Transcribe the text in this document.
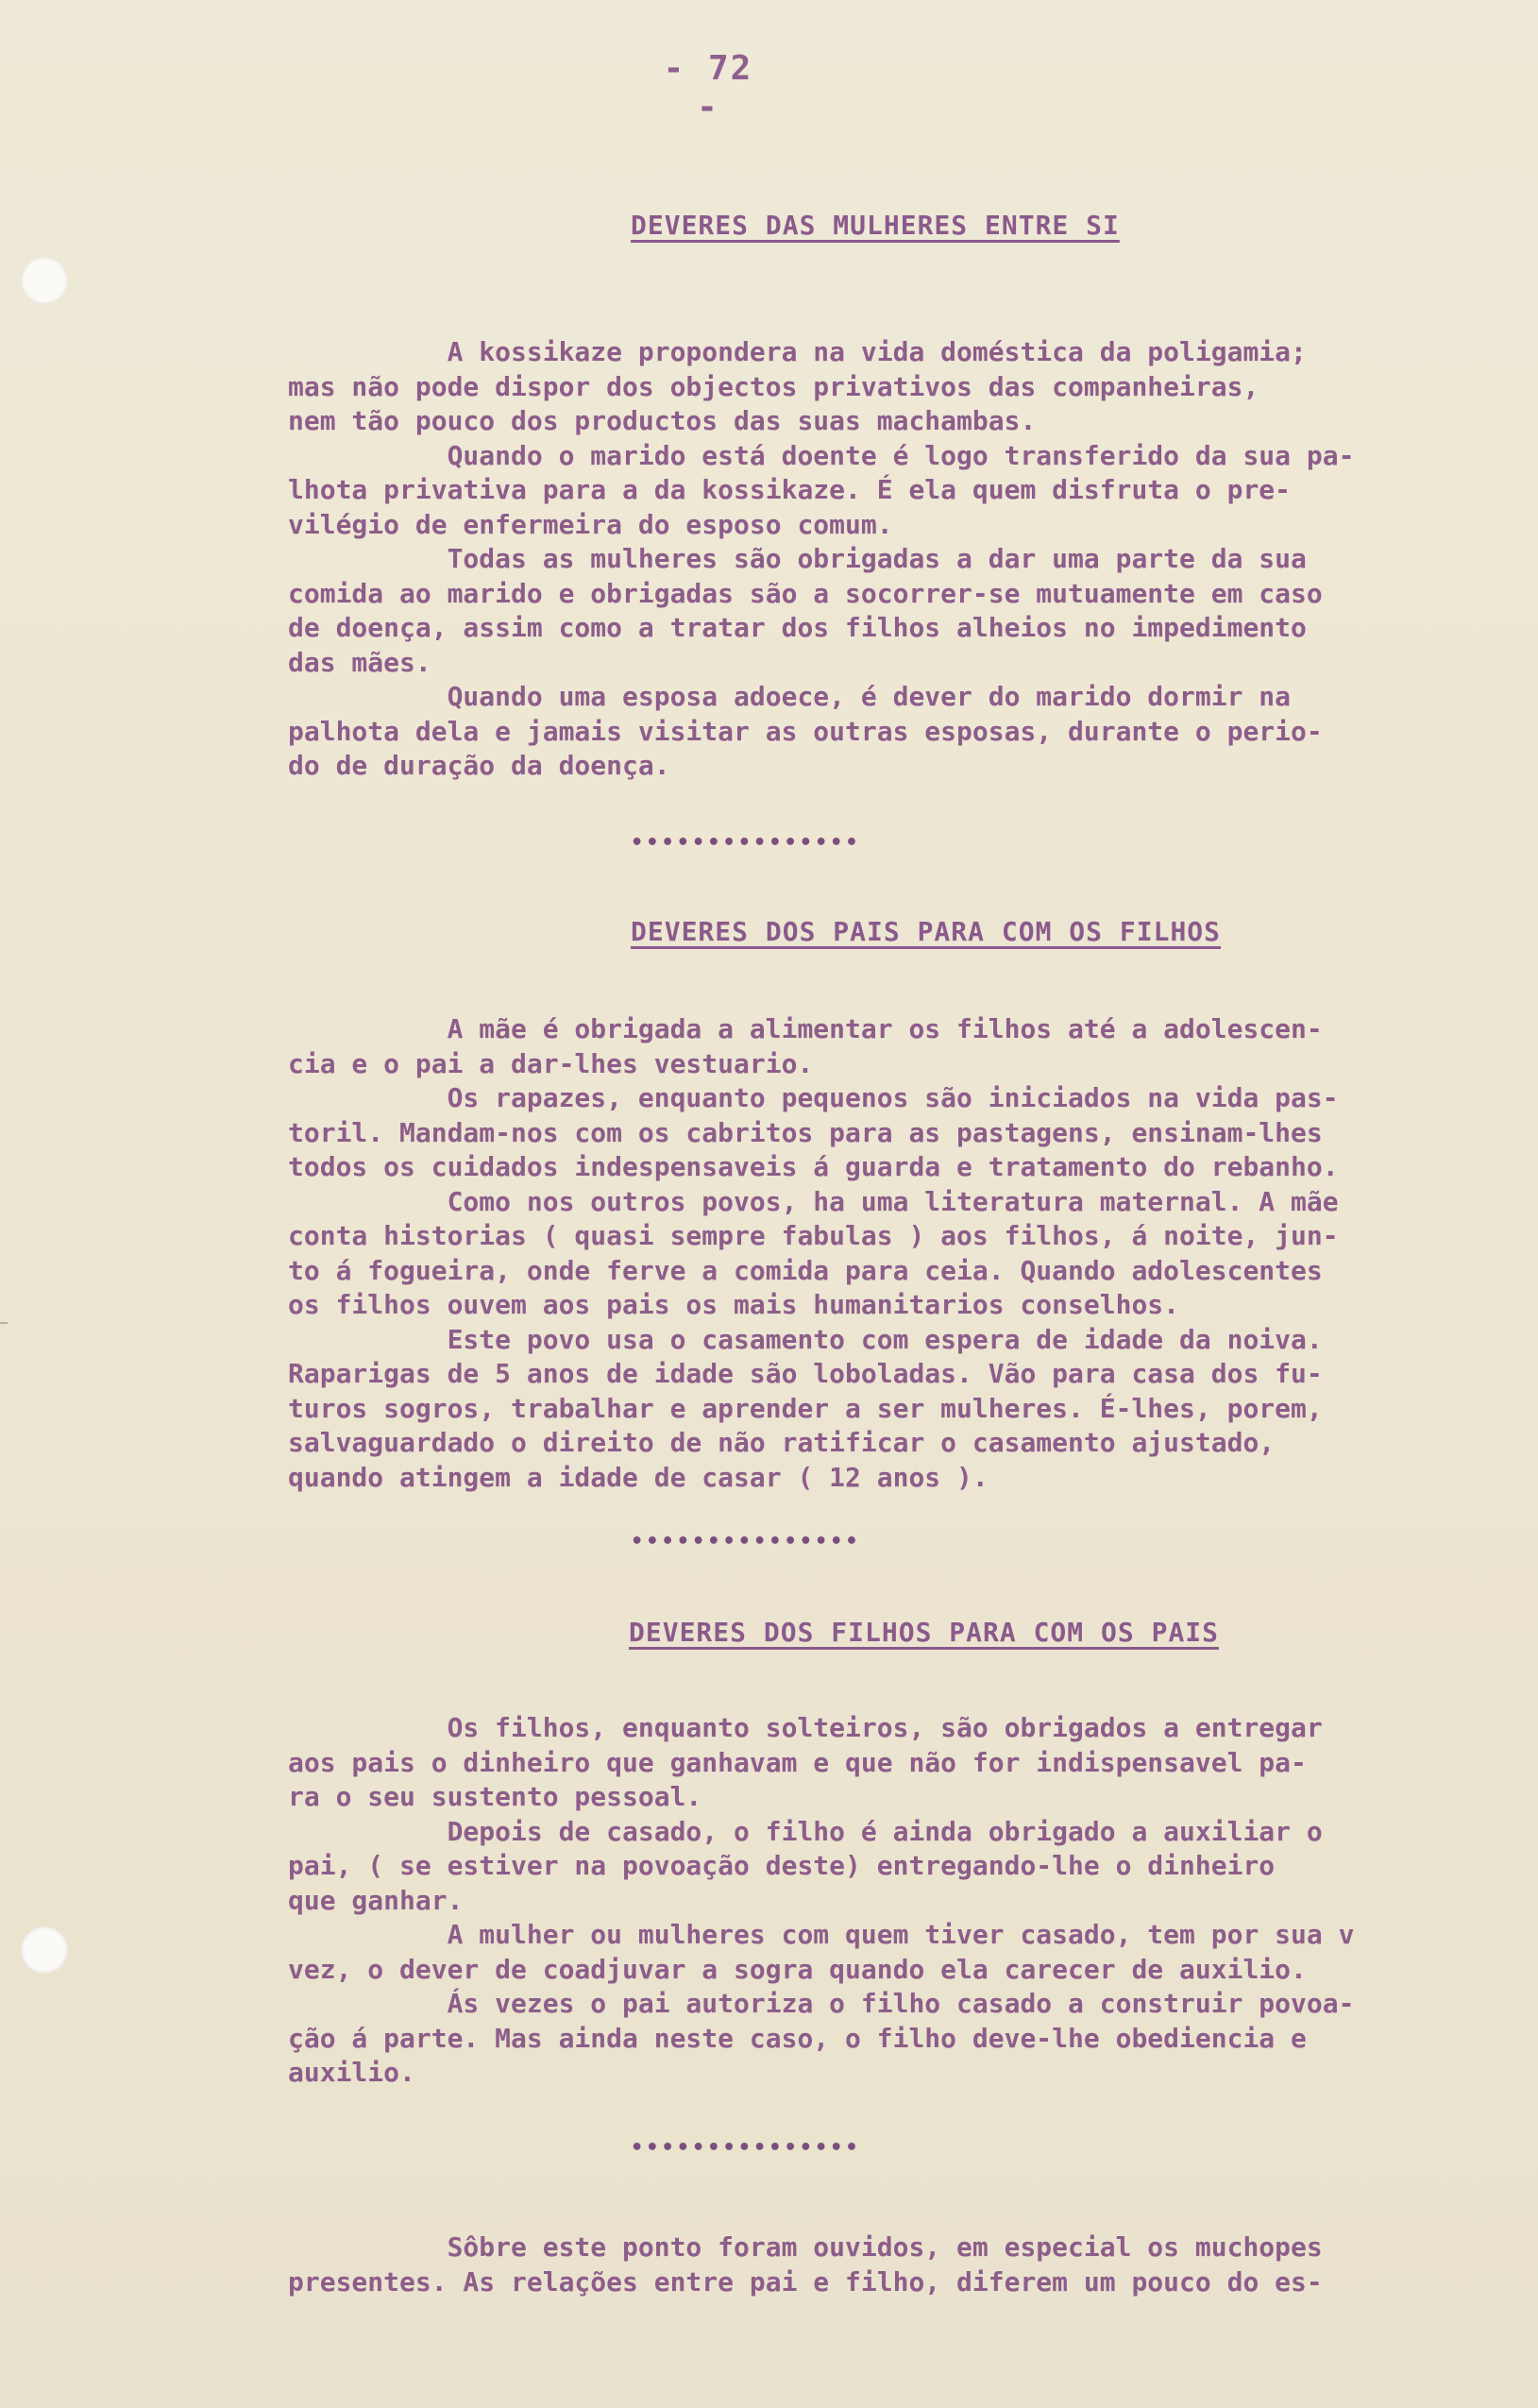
- 72 -
DEVERES DAS MULHERES ENTRE SI
A kossikaze propondera na vida doméstica da poligamia;
mas não pode dispor dos objectos privativos das companheiras,
nem tão pouco dos productos das suas machambas.
Quando o marido está doente é logo transferido da sua pa-
lhota privativa para a da kossikaze. É ela quem disfruta o pre-
vilégio de enfermeira do esposo comum.
Todas as mulheres são obrigadas a dar uma parte da sua
comida ao marido e obrigadas são a socorrer-se mutuamente em caso
de doença, assim como a tratar dos filhos alheios no impedimento
das mães.
Quando uma esposa adoece, é dever do marido dormir na
palhota dela e jamais visitar as outras esposas, durante o perio-
do de duração da doença.
•••••••••••••••
DEVERES DOS PAIS PARA COM OS FILHOS
A mãe é obrigada a alimentar os filhos até a adolescen-
cia e o pai a dar-lhes vestuario.
Os rapazes, enquanto pequenos são iniciados na vida pas-
toril. Mandam-nos com os cabritos para as pastagens, ensinam-lhes
todos os cuidados indespensaveis á guarda e tratamento do rebanho.
Como nos outros povos, ha uma literatura maternal. A mãe
conta historias ( quasi sempre fabulas ) aos filhos, á noite, jun-
to á fogueira, onde ferve a comida para ceia. Quando adolescentes
os filhos ouvem aos pais os mais humanitarios conselhos.
Este povo usa o casamento com espera de idade da noiva.
Raparigas de 5 anos de idade são loboladas. Vão para casa dos fu-
turos sogros, trabalhar e aprender a ser mulheres. É-lhes, porem,
salvaguardado o direito de não ratificar o casamento ajustado,
quando atingem a idade de casar ( 12 anos ).
•••••••••••••••
DEVERES DOS FILHOS PARA COM OS PAIS
Os filhos, enquanto solteiros, são obrigados a entregar
aos pais o dinheiro que ganhavam e que não for indispensavel pa-
ra o seu sustento pessoal.
Depois de casado, o filho é ainda obrigado a auxiliar o
pai, ( se estiver na povoação deste) entregando-lhe o dinheiro
que ganhar.
A mulher ou mulheres com quem tiver casado, tem por sua v
vez, o dever de coadjuvar a sogra quando ela carecer de auxilio.
Ás vezes o pai autoriza o filho casado a construir povoa-
ção á parte. Mas ainda neste caso, o filho deve-lhe obediencia e
auxilio.
•••••••••••••••
Sôbre este ponto foram ouvidos, em especial os muchopes
presentes. As relações entre pai e filho, diferem um pouco do es-
